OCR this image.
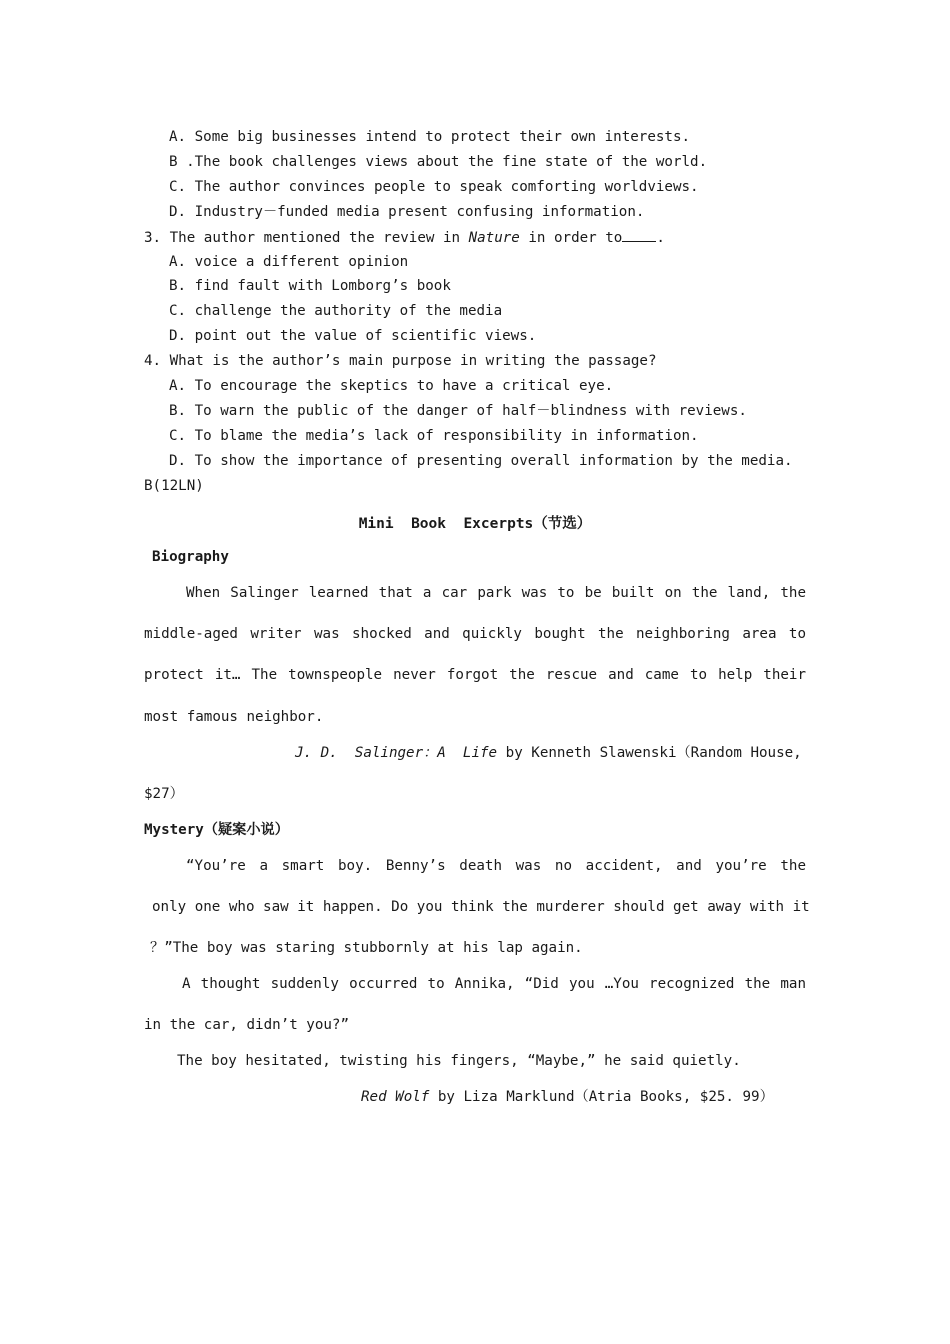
A. Some big businesses intend to protect their own interests.
B .The book challenges views about the fine state of the world.
C. The author convinces people to speak comforting worldviews.
D. Industry－funded media present confusing information.
3. The author mentioned the review in Nature in order to .
A. voice a different opinion
B. find fault with Lomborg’s book
C. challenge the authority of the media
D. point out the value of scientific views.
4. What is the author’s main purpose in writing the passage?
A. To encourage the skeptics to have a critical eye.
B. To warn the public of the danger of half－blindness with reviews.
C. To blame the media’s lack of responsibility in information.
D. To show the importance of presenting overall information by the media.
B(12LN)
Mini  Book  Excerpts（节选）
Biography
When Salinger learned that a car park was to be built on the land, the
middle-aged writer was shocked and quickly bought the neighboring area to
protect it… The townspeople never forgot the rescue and came to help their
most famous neighbor.
J. D.  Salinger：A  Life by Kenneth Slawenski（Random House,
$27）
Mystery（疑案小说）
“You’re a smart boy. Benny’s death was no accident, and you’re the
only one who saw it happen. Do you think the murderer should get away with it
？”The boy was staring stubbornly at his lap again.
A thought suddenly occurred to Annika, “Did you …You recognized the man
in the car, didn’t you?”
The boy hesitated, twisting his fingers, “Maybe,” he said quietly.
Red Wolf by Liza Marklund（Atria Books, $25. 99）
